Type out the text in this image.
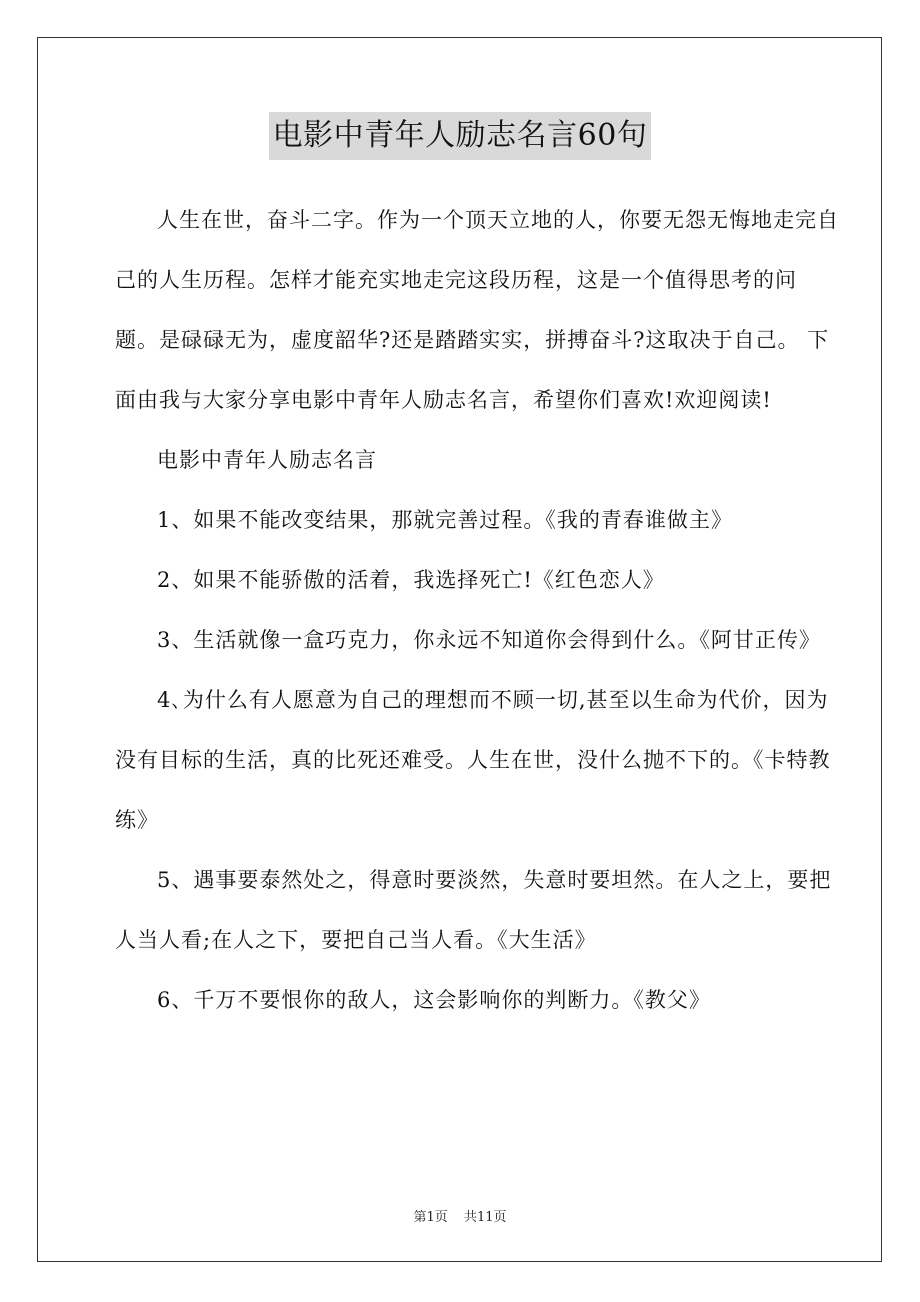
电影中青年人励志名言60句

人生在世，奋斗二字。作为一个顶天立地的人，你要无怨无悔地走完自己的人生历程。怎样才能充实地走完这段历程，这是一个值得思考的问题。是碌碌无为，虚度韶华?还是踏踏实实，拼搏奋斗?这取决于自己。 下面由我与大家分享电影中青年人励志名言，希望你们喜欢!欢迎阅读!

电影中青年人励志名言

1、如果不能改变结果，那就完善过程。《我的青春谁做主》

2、如果不能骄傲的活着，我选择死亡!《红色恋人》

3、生活就像一盒巧克力，你永远不知道你会得到什么。《阿甘正传》

4､为什么有人愿意为自己的理想而不顾一切,甚至以生命为代价，因为没有目标的生活，真的比死还难受。人生在世，没什么抛不下的。《卡特教练》

5、遇事要泰然处之，得意时要淡然，失意时要坦然。在人之上，要把人当人看;在人之下，要把自己当人看。《大生活》

6、千万不要恨你的敌人，这会影响你的判断力。《教父》

第1页 共11页
